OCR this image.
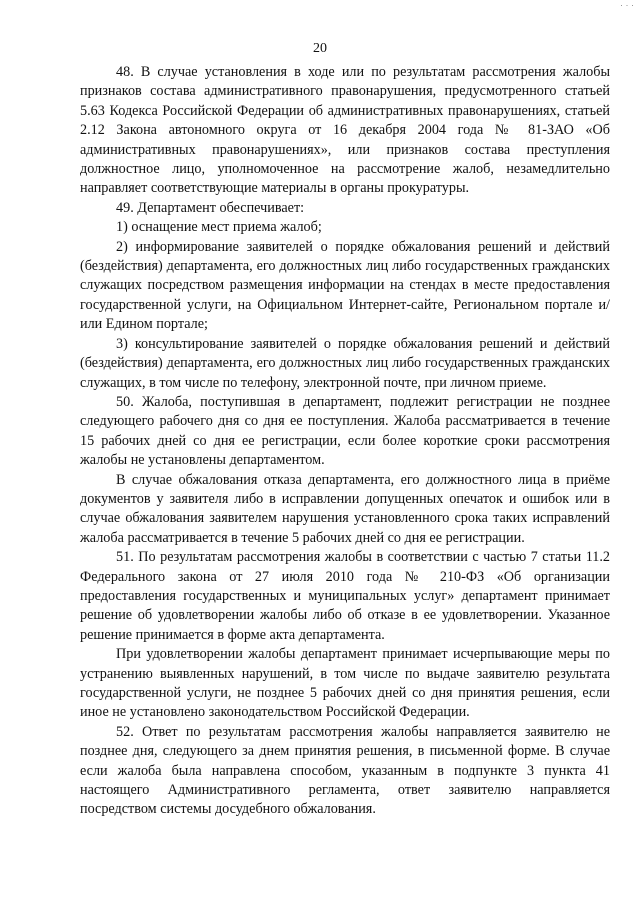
· · ·
20

48. В случае установления в ходе или по результатам рассмотрения жалобы признаков состава административного правонарушения, предусмотренного статьей 5.63 Кодекса Российской Федерации об административных правонарушениях, статьей 2.12 Закона автономного округа от 16 декабря 2004 года № 81-ЗАО «Об административных правонарушениях», или признаков состава преступления должностное лицо, уполномоченное на рассмотрение жалоб, незамедлительно направляет соответствующие материалы в органы прокуратуры.

49. Департамент обеспечивает:

1) оснащение мест приема жалоб;

2) информирование заявителей о порядке обжалования решений и действий (бездействия) департамента, его должностных лиц либо государственных гражданских служащих посредством размещения информации на стендах в месте предоставления государственной услуги, на Официальном Интернет-сайте, Региональном портале и/или Едином портале;

3) консультирование заявителей о порядке обжалования решений и действий (бездействия) департамента, его должностных лиц либо государственных гражданских служащих, в том числе по телефону, электронной почте, при личном приеме.

50. Жалоба, поступившая в департамент, подлежит регистрации не позднее следующего рабочего дня со дня ее поступления. Жалоба рассматривается в течение 15 рабочих дней со дня ее регистрации, если более короткие сроки рассмотрения жалобы не установлены департаментом.

В случае обжалования отказа департамента, его должностного лица в приёме документов у заявителя либо в исправлении допущенных опечаток и ошибок или в случае обжалования заявителем нарушения установленного срока таких исправлений жалоба рассматривается в течение 5 рабочих дней со дня ее регистрации.

51. По результатам рассмотрения жалобы в соответствии с частью 7 статьи 11.2 Федерального закона от 27 июля 2010 года № 210-ФЗ «Об организации предоставления государственных и муниципальных услуг» департамент принимает решение об удовлетворении жалобы либо об отказе в ее удовлетворении. Указанное решение принимается в форме акта департамента.

При удовлетворении жалобы департамент принимает исчерпывающие меры по устранению выявленных нарушений, в том числе по выдаче заявителю результата государственной услуги, не позднее 5 рабочих дней со дня принятия решения, если иное не установлено законодательством Российской Федерации.

52. Ответ по результатам рассмотрения жалобы направляется заявителю не позднее дня, следующего за днем принятия решения, в письменной форме. В случае если жалоба была направлена способом, указанным в подпункте 3 пункта 41 настоящего Административного регламента, ответ заявителю направляется посредством системы досудебного обжалования.
